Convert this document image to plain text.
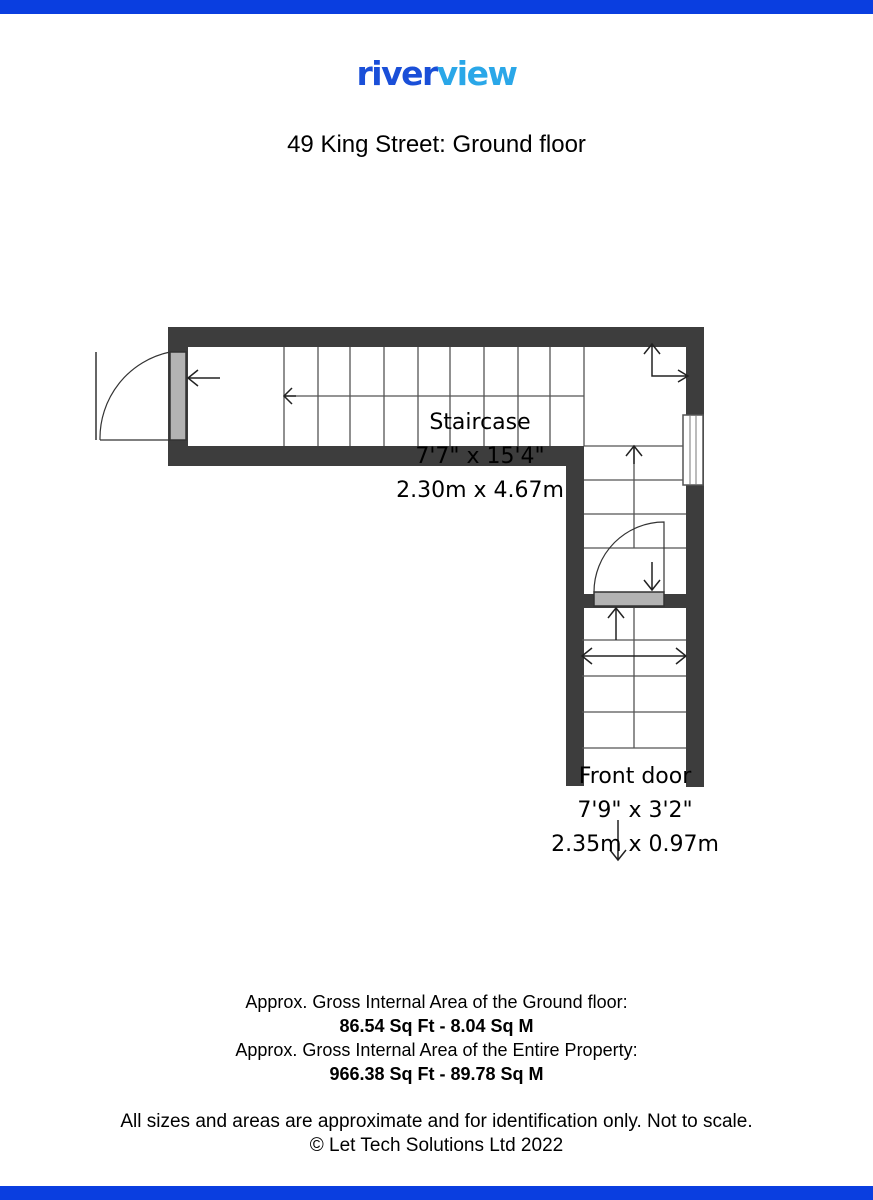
riverview
49 King Street: Ground floor
Staircase
7'7" x 15'4"
2.30m x 4.67m
Front door
7'9" x 3'2"
2.35m x 0.97m
Approx. Gross Internal Area of the Ground floor:
86.54 Sq Ft - 8.04 Sq M
Approx. Gross Internal Area of the Entire Property:
966.38 Sq Ft - 89.78 Sq M
All sizes and areas are approximate and for identification only. Not to scale.
© Let Tech Solutions Ltd 2022
